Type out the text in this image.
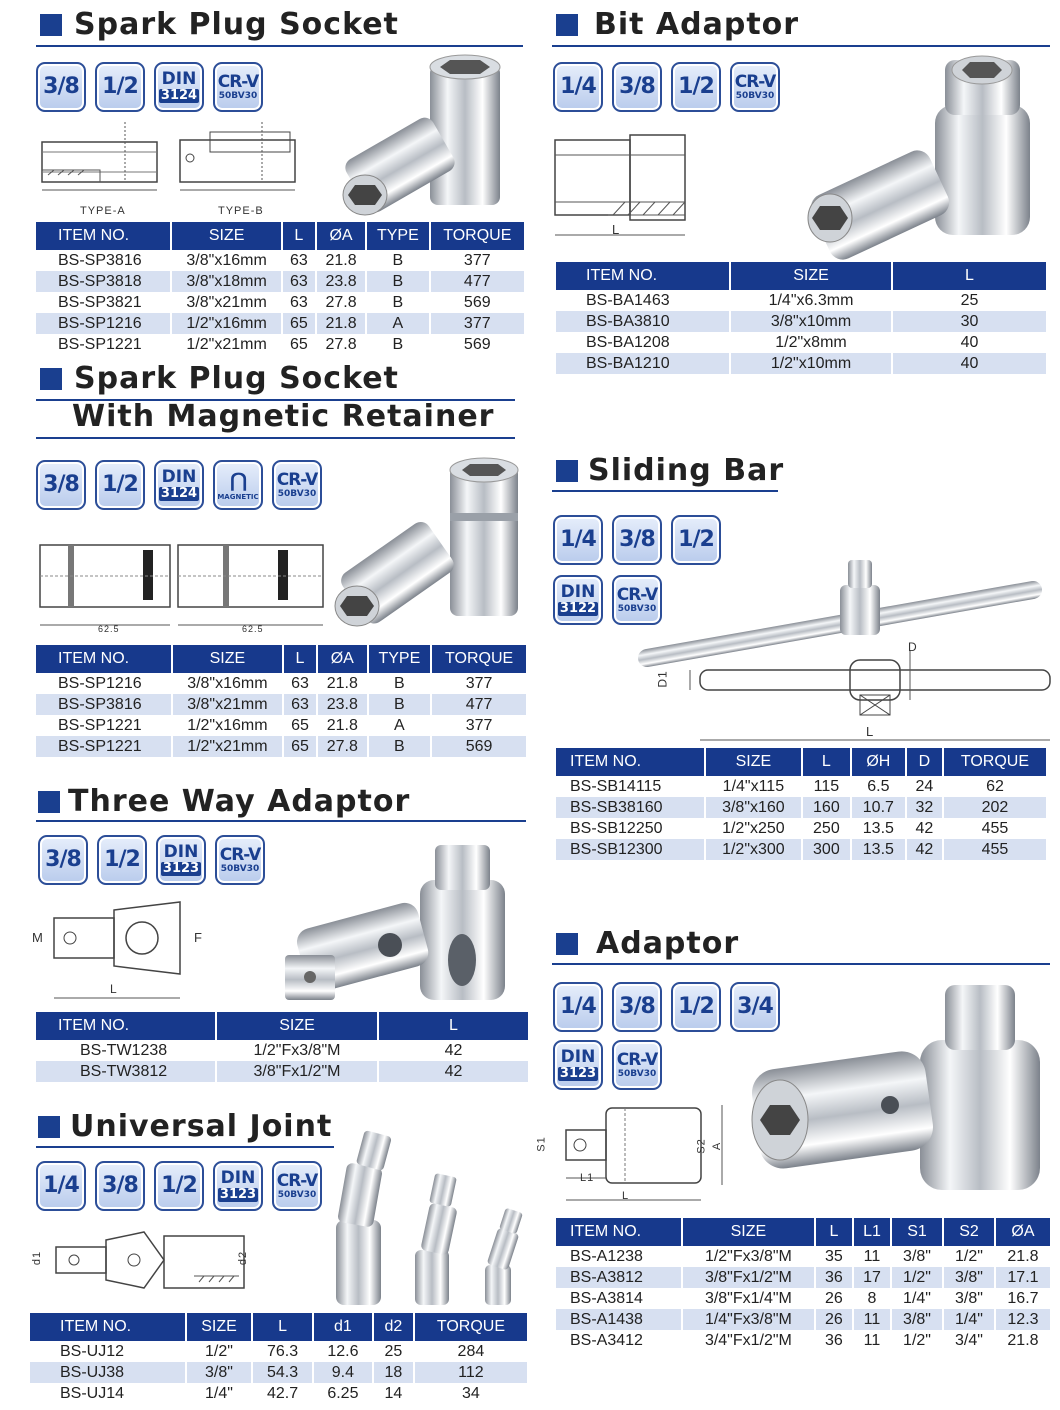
Spark Plug Socket
3/8 1/2 DIN
3124
CR-V
50BV30
TYPE-A	TYPE-B
ITEM NO.	SIZE	L	ØA	TYPE	TORQUE
BS-SP3816	3/8"x16mm	63	21.8	B	377
BS-SP3818	3/8"x18mm	63	23.8	B	477
BS-SP3821	3/8"x21mm	63	27.8	B	569
BS-SP1216	1/2"x16mm	65	21.8	A	377
BS-SP1221	1/2"x21mm	65	27.8	B	569
Spark Plug Socket
With Magnetic Retainer
3/8 1/2 DIN
3124
⋂
MAGNETIC
CR-V
50BV30
62.5	62.5
ITEM NO.	SIZE	L	ØA	TYPE	TORQUE
BS-SP1216	3/8"x16mm	63	21.8	B	377
BS-SP3816	3/8"x21mm	63	23.8	B	477
BS-SP1221	1/2"x16mm	65	21.8	A	377
BS-SP1221	1/2"x21mm	65	27.8	B	569
Three Way Adaptor
3/8 1/2 DIN
3123
CR-V
50BV30
M	F
L
ITEM NO.	SIZE	L
BS-TW1238	1/2"Fx3/8"M	42
BS-TW3812	3/8"Fx1/2"M	42
Universal Joint
1/4 3/8 1/2 DIN
3123
CR-V
50BV30
d1	d2
ITEM NO.	SIZE	L	d1	d2	TORQUE
BS-UJ12	1/2"	76.3	12.6	25	284
BS-UJ38	3/8"	54.3	9.4	18	112
BS-UJ14	1/4"	42.7	6.25	14	34
Bit Adaptor
1/4 3/8 1/2 CR-V
50BV30
L
ITEM NO.	SIZE	L
BS-BA1463	1/4"x6.3mm	25
BS-BA3810	3/8"x10mm	30
BS-BA1208	1/2"x8mm	40
BS-BA1210	1/2"x10mm	40
Sliding Bar
1/4 3/8 1/2
DIN
3122
CR-V
50BV30
D
D1
L
ITEM NO.	SIZE	L	ØH	D	TORQUE
BS-SB14115	1/4"x115	115	6.5	24	62
BS-SB38160	3/8"x160	160	10.7	32	202
BS-SB12250	1/2"x250	250	13.5	42	455
BS-SB12300	1/2"x300	300	13.5	42	455
Adaptor
1/4 3/8 1/2 3/4
DIN
3123
CR-V
50BV30
S1	S2 A
L1
L
ITEM NO.	SIZE	L	L1	S1	S2	ØA
BS-A1238	1/2"Fx3/8"M	35	11	3/8"	1/2"	21.8
BS-A3812	3/8"Fx1/2"M	36	17	1/2"	3/8"	17.1
BS-A3814	3/8"Fx1/4"M	26	8	1/4"	3/8"	16.7
BS-A1438	1/4"Fx3/8"M	26	11	3/8"	1/4"	12.3
BS-A3412	3/4"Fx1/2"M	36	11	1/2"	3/4"	21.8
